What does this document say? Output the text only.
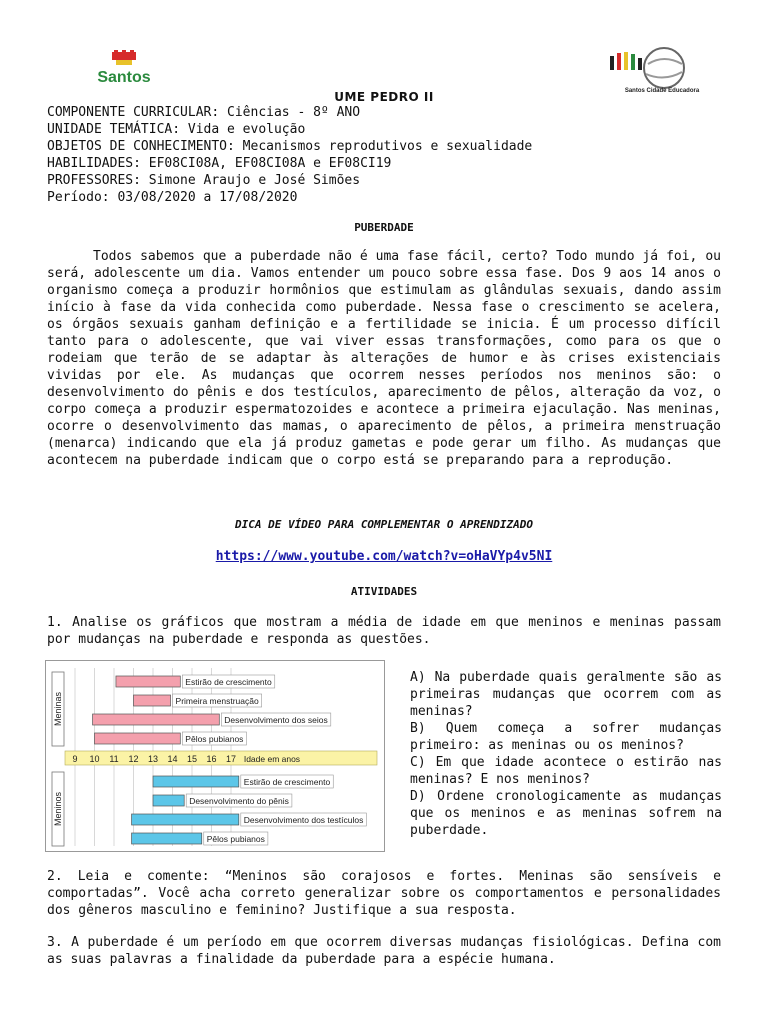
Santos
Santos Cidade Educadora
UME PEDRO II
COMPONENTE CURRICULAR: Ciências - 8º ANO
UNIDADE TEMÁTICA: Vida e evolução
OBJETOS DE CONHECIMENTO: Mecanismos reprodutivos e sexualidade
HABILIDADES: EF08CI08A, EF08CI08A e EF08CI19
PROFESSORES: Simone Araujo e José Simões
Período: 03/08/2020 a 17/08/2020
PUBERDADE

Todos sabemos que a puberdade não é uma fase fácil, certo? Todo mundo já foi, ou será, adolescente um dia. Vamos entender um pouco sobre essa fase. Dos 9 aos 14 anos o organismo começa a produzir hormônios que estimulam as glândulas sexuais, dando assim início à fase da vida conhecida como puberdade. Nessa fase o crescimento se acelera, os órgãos sexuais ganham definição e a fertilidade se inicia. É um processo difícil tanto para o adolescente, que vai viver essas transformações, como para os que o rodeiam que terão de se adaptar às alterações de humor e às crises existenciais vividas por ele. As mudanças que ocorrem nesses períodos nos meninos são: o desenvolvimento do pênis e dos testículos, aparecimento de pêlos, alteração da voz, o corpo começa a produzir espermatozoides e acontece a primeira ejaculação. Nas meninas, ocorre o desenvolvimento das mamas, o aparecimento de pêlos, a primeira menstruação (menarca) indicando que ela já produz gametas e pode gerar um filho. As mudanças que acontecem na puberdade indicam que o corpo está se preparando para a reprodução.

DICA DE VÍDEO PARA COMPLEMENTAR O APRENDIZADO
https://www.youtube.com/watch?v=oHaVYp4v5NI
ATIVIDADES
1. Analise os gráficos que mostram a média de idade em que meninos e meninas passam por mudanças na puberdade e responda as questões.
9 10 11 12 13 14 15 16 17 Idade em anos
Meninas
Estirão de crescimento
Primeira menstruação
Desenvolvimento dos seios
Pêlos pubianos
Meninos
Estirão de crescimento
Desenvolvimento do pênis
Desenvolvimento dos testículos
Pêlos pubianos
A) Na puberdade quais geralmente são as primeiras mudanças que ocorrem com as meninas?
B) Quem começa a sofrer mudanças primeiro: as meninas ou os meninos?
C) Em que idade acontece o estirão nas meninas? E nos meninos?
D) Ordene cronologicamente as mudanças que os meninos e as meninas sofrem na puberdade.
2. Leia e comente: “Meninos são corajosos e fortes. Meninas são sensíveis e comportadas”. Você acha correto generalizar sobre os comportamentos e personalidades dos gêneros masculino e feminino? Justifique a sua resposta.
3. A puberdade é um período em que ocorrem diversas mudanças fisiológicas. Defina com as suas palavras a finalidade da puberdade para a espécie humana.
